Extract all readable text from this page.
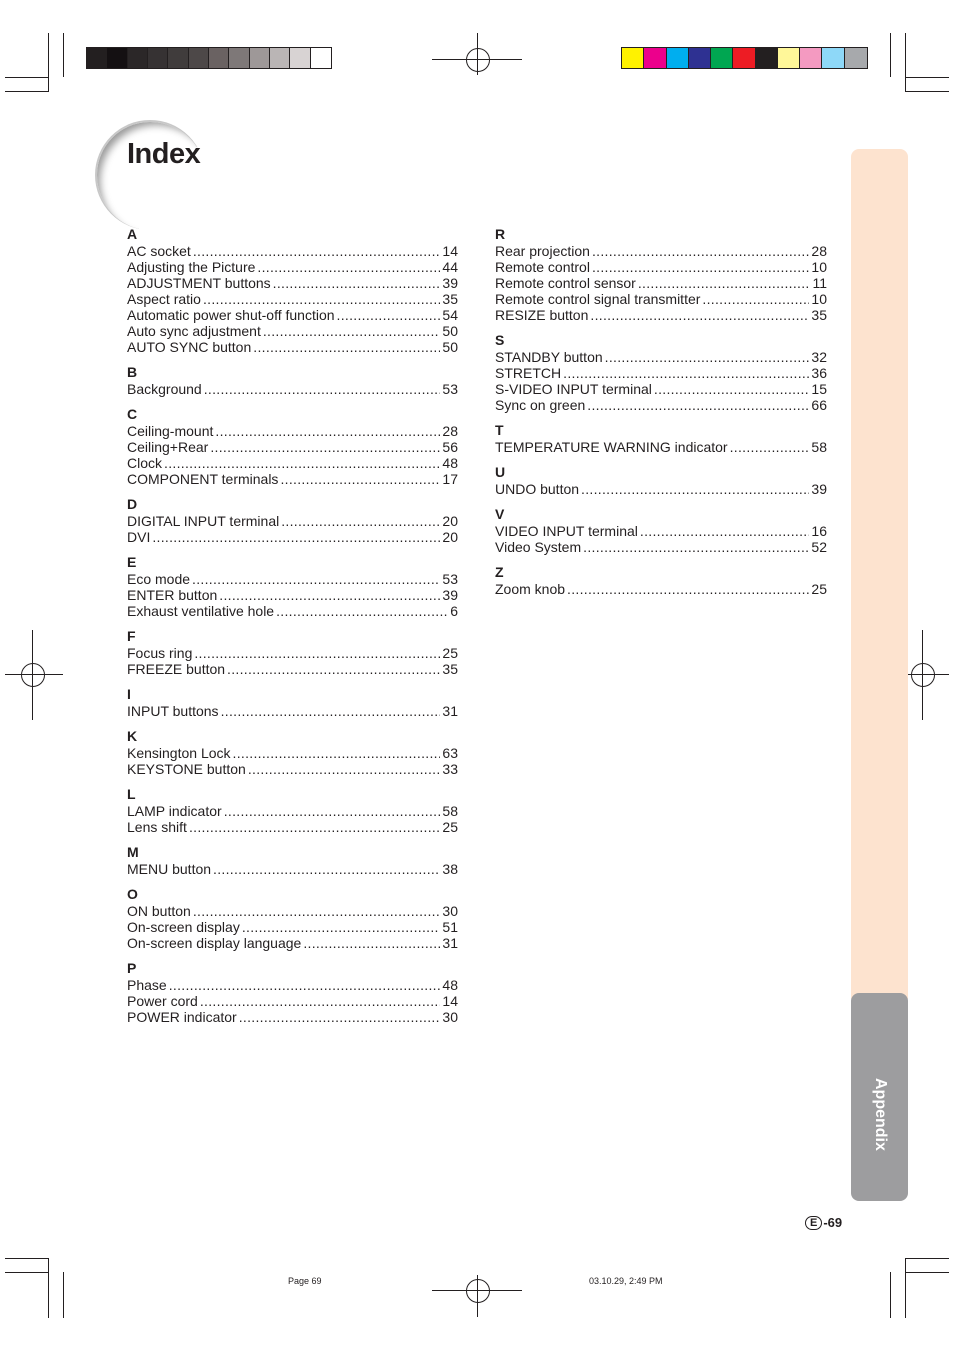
Index
A
AC socket .....	14
Adjusting the Picture .....	44
ADJUSTMENT buttons .....	39
Aspect ratio .....	35
Automatic power shut-off function .....	54
Auto sync adjustment .....	50
AUTO SYNC button .....	50
B
Background .....	53
C
Ceiling-mount .....	28
Ceiling+Rear .....	56
Clock .....	48
COMPONENT terminals .....	17
D
DIGITAL INPUT terminal .....	20
DVI .....	20
E
Eco mode .....	53
ENTER button .....	39
Exhaust ventilative hole .....	6
F
Focus ring .....	25
FREEZE button .....	35
I
INPUT buttons .....	31
K
Kensington Lock .....	63
KEYSTONE button .....	33
L
LAMP indicator .....	58
Lens shift .....	25
M
MENU button .....	38
O
ON button .....	30
On-screen display .....	51
On-screen display language .....	31
P
Phase .....	48
Power cord .....	14
POWER indicator .....	30
R
Rear projection .....	28
Remote control .....	10
Remote control sensor .....	11
Remote control signal transmitter .....	10
RESIZE button .....	35
S
STANDBY button .....	32
STRETCH .....	36
S-VIDEO INPUT terminal .....	15
Sync on green .....	66
T
TEMPERATURE WARNING indicator .....	58
U
UNDO button .....	39
V
VIDEO INPUT terminal .....	16
Video System .....	52
Z
Zoom knob .....	25
Appendix
E -69
Page 69	03.10.29, 2:49 PM
